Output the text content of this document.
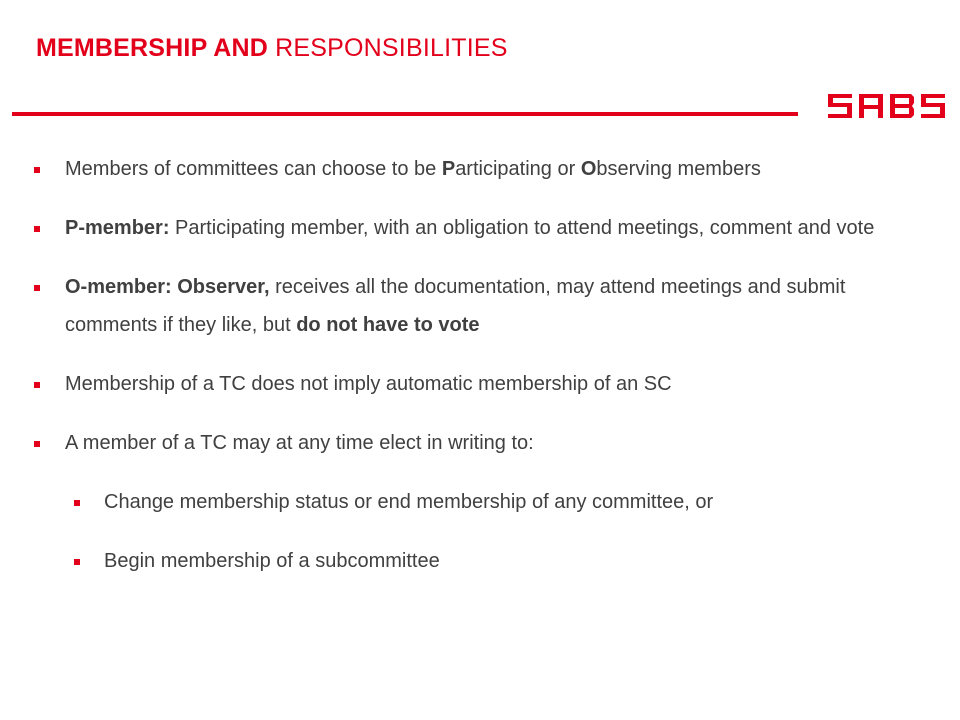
MEMBERSHIP AND RESPONSIBILITIES
Members of committees can choose to be Participating or Observing members
P-member: Participating member, with an obligation to attend meetings, comment and vote
O-member: Observer, receives all the documentation, may attend meetings and submit comments if they like, but do not have to vote
Membership of a TC does not imply automatic membership of an SC
A member of a TC may at any time elect in writing to:
Change membership status or end membership of any committee, or
Begin membership of a subcommittee
